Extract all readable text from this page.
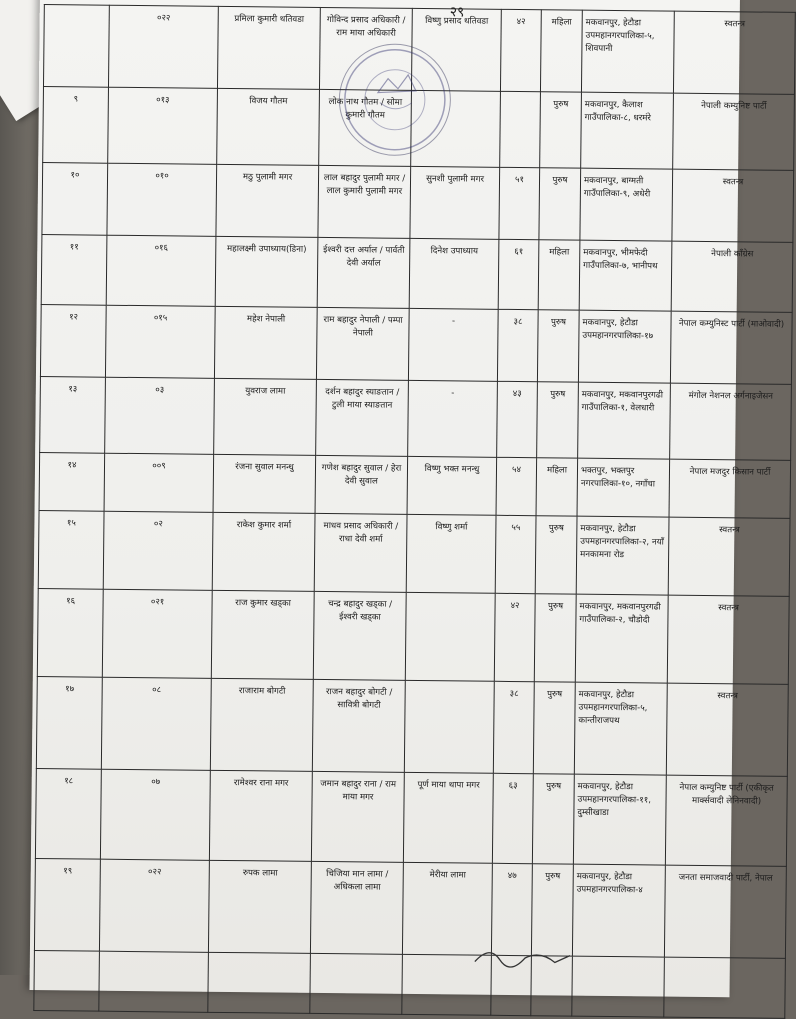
२९
	०२२	प्रमिला कुमारी थतिवडा	गोविन्द प्रसाद अधिकारी / राम माया अधिकारी	विष्णु प्रसाद थतिवडा	४२	महिला	मकवानपुर, हेटौडा उपमहानगरपालिका-५, शिवपानी	स्वतन्त्र
९	०१३	विजय गौतम	लोक नाथ गौतम / सोमा कुमारी गौतम			पुरुष	मकवानपुर, कैलाश गाउँपालिका-८, धरमंरे	नेपाली कम्युनिष्ट पार्टी
१०	०१०	मठु पुलामी मगर	लाल बहादुर पुलामी मगर / लाल कुमारी पुलामी मगर	सुनशी पुलामी मगर	५१	पुरुष	मकवानपुर, बाग्मती गाउँपालिका-९, अधेरी	स्वतन्त्र
११	०१६	महालक्ष्मी उपाध्याय(डिना)	ईश्वरी दत्त अर्याल / पार्वती देवी अर्याल	दिनेश उपाध्याय	६१	महिला	मकवानपुर, भीमफेदी गाउँपालिका-७, भानीपथ	नेपाली काँग्रेस
१२	०१५	महेश नेपाली	राम बहादुर नेपाली / पम्पा नेपाली	-	३८	पुरुष	मकवानपुर, हेटौडा उपमहानगरपालिका-१७	नेपाल कम्युनिस्ट पार्टी (माओवादी)
१३	०३	युवराज लामा	दर्शन बहादुर स्याङतान / टुली माया स्याङतान	-	४३	पुरुष	मकवानपुर, मकवानपुरगढी गाउँपालिका-१, वेलधारी	मंगोल नेशनल अर्गनाइजेसन
१४	००९	रंजना सुवाल मनन्धु	गणेश बहादुर सुवाल / हेरा देवी सुवाल	विष्णु भक्त मनन्धु	५४	महिला	भक्तपुर, भक्तपुर नगरपालिका-१०, नगाँचा	नेपाल मजदुर किसान पार्टी
१५	०२	राकेश कुमार शर्मा	माधव प्रसाद अधिकारी / राधा देवी शर्मा	विष्णु शर्मा	५५	पुरुष	मकवानपुर, हेटौडा उपमहानगरपालिका-२, नयाँ मनकामना रोड	स्वतन्त्र
१६	०२१	राज कुमार खड्का	चन्द्र बहादुर खड्का / ईश्वरी खड्का		४२	पुरुष	मकवानपुर, मकवानपुरगढी गाउँपालिका-२, चौडोदी	स्वतन्त्र
१७	०८	राजाराम बोगटी	राजन बहादुर बोगटी / सावित्री बोगटी		३८	पुरुष	मकवानपुर, हेटौडा उपमहानगरपालिका-५, कान्तीराजपथ	स्वतन्त्र
१८	०७	रामेश्वर राना मगर	जमान बहादुर राना / राम माया मगर	पूर्ण माया थापा मगर	६३	पुरुष	मकवानपुर, हेटौडा उपमहानगरपालिका-११, दुम्सीखाडा	नेपाल कम्युनिष्ट पार्टी (एकीकृत मार्क्सवादी लेनिनवादी)
१९	०२२	रुपक लामा	चिजिया मान लामा / अधिकला लामा	मेरीया लामा	४७	पुरुष	मकवानपुर, हेटौडा उपमहानगरपालिका-४	जनता समाजवादी पार्टी, नेपाल
